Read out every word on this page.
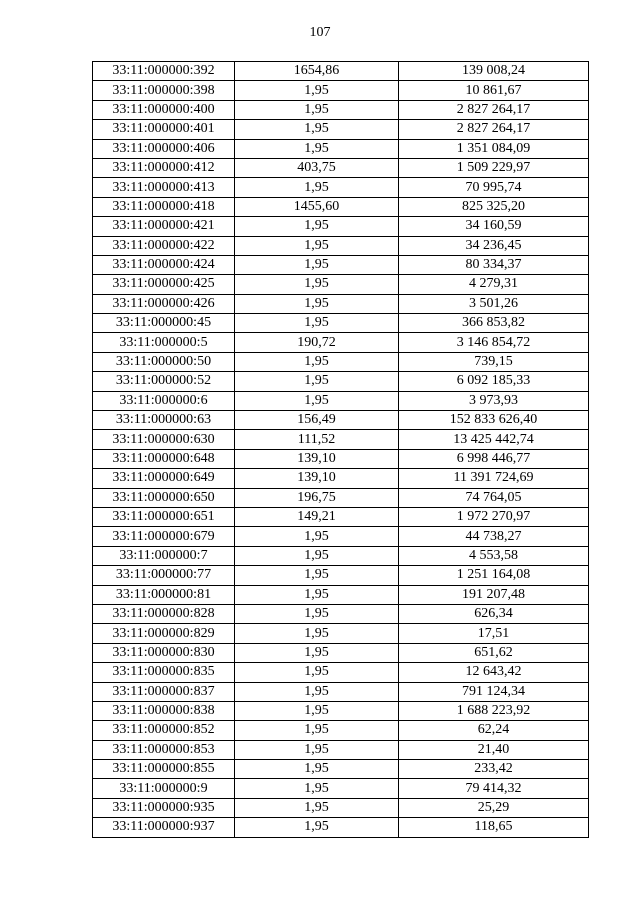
107
33:11:000000:392	1654,86	139 008,24
33:11:000000:398	1,95	10 861,67
33:11:000000:400	1,95	2 827 264,17
33:11:000000:401	1,95	2 827 264,17
33:11:000000:406	1,95	1 351 084,09
33:11:000000:412	403,75	1 509 229,97
33:11:000000:413	1,95	70 995,74
33:11:000000:418	1455,60	825 325,20
33:11:000000:421	1,95	34 160,59
33:11:000000:422	1,95	34 236,45
33:11:000000:424	1,95	80 334,37
33:11:000000:425	1,95	4 279,31
33:11:000000:426	1,95	3 501,26
33:11:000000:45	1,95	366 853,82
33:11:000000:5	190,72	3 146 854,72
33:11:000000:50	1,95	739,15
33:11:000000:52	1,95	6 092 185,33
33:11:000000:6	1,95	3 973,93
33:11:000000:63	156,49	152 833 626,40
33:11:000000:630	111,52	13 425 442,74
33:11:000000:648	139,10	6 998 446,77
33:11:000000:649	139,10	11 391 724,69
33:11:000000:650	196,75	74 764,05
33:11:000000:651	149,21	1 972 270,97
33:11:000000:679	1,95	44 738,27
33:11:000000:7	1,95	4 553,58
33:11:000000:77	1,95	1 251 164,08
33:11:000000:81	1,95	191 207,48
33:11:000000:828	1,95	626,34
33:11:000000:829	1,95	17,51
33:11:000000:830	1,95	651,62
33:11:000000:835	1,95	12 643,42
33:11:000000:837	1,95	791 124,34
33:11:000000:838	1,95	1 688 223,92
33:11:000000:852	1,95	62,24
33:11:000000:853	1,95	21,40
33:11:000000:855	1,95	233,42
33:11:000000:9	1,95	79 414,32
33:11:000000:935	1,95	25,29
33:11:000000:937	1,95	118,65
